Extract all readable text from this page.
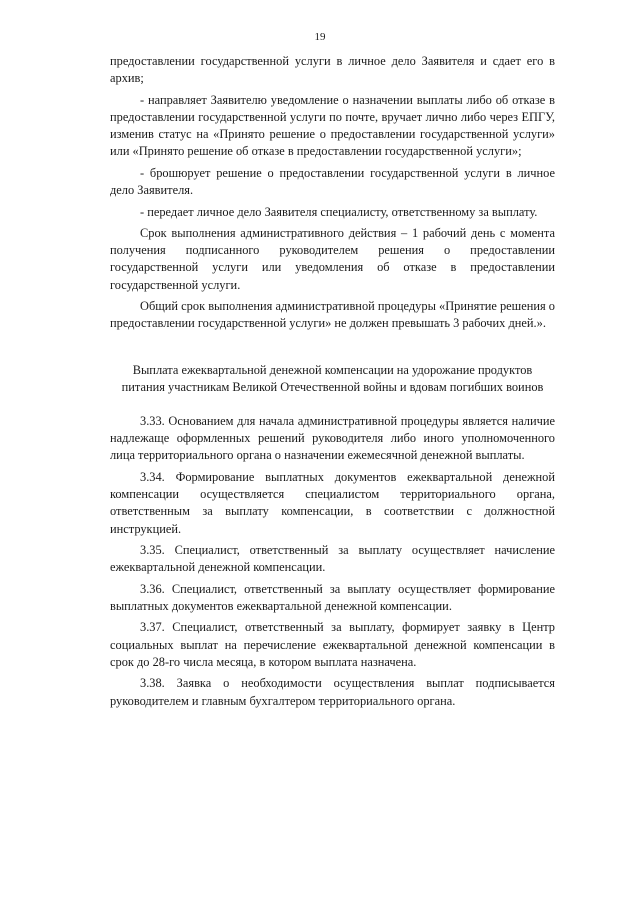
19

предоставлении государственной услуги в личное дело Заявителя и сдает его в архив;

- направляет Заявителю уведомление о назначении выплаты либо об отказе в предоставлении государственной услуги по почте, вручает лично либо через ЕПГУ, изменив статус на «Принято решение о предоставлении государственной услуги» или «Принято решение об отказе в предоставлении государственной услуги»;

- брошюрует решение о предоставлении государственной услуги в личное дело Заявителя.

- передает личное дело Заявителя специалисту, ответственному за выплату.

Срок выполнения административного действия – 1 рабочий день с момента получения подписанного руководителем решения о предоставлении государственной услуги или уведомления об отказе в предоставлении государственной услуги.

Общий срок выполнения административной процедуры «Принятие решения о предоставлении государственной услуги» не должен превышать 3 рабочих дней.».

Выплата ежеквартальной денежной компенсации на удорожание продуктов
питания участникам Великой Отечественной войны и вдовам погибших воинов

3.33. Основанием для начала административной процедуры является наличие надлежаще оформленных решений руководителя либо иного уполномоченного лица территориального органа о назначении ежемесячной денежной выплаты.

3.34. Формирование выплатных документов ежеквартальной денежной компенсации осуществляется специалистом территориального органа, ответственным за выплату компенсации, в соответствии с должностной инструкцией.

3.35. Специалист, ответственный за выплату осуществляет начисление ежеквартальной денежной компенсации.

3.36. Специалист, ответственный за выплату осуществляет формирование выплатных документов ежеквартальной денежной компенсации.

3.37. Специалист, ответственный за выплату, формирует заявку в Центр социальных выплат на перечисление ежеквартальной денежной компенсации в срок до 28-го числа месяца, в котором выплата назначена.

3.38. Заявка о необходимости осуществления выплат подписывается руководителем и главным бухгалтером территориального органа.
